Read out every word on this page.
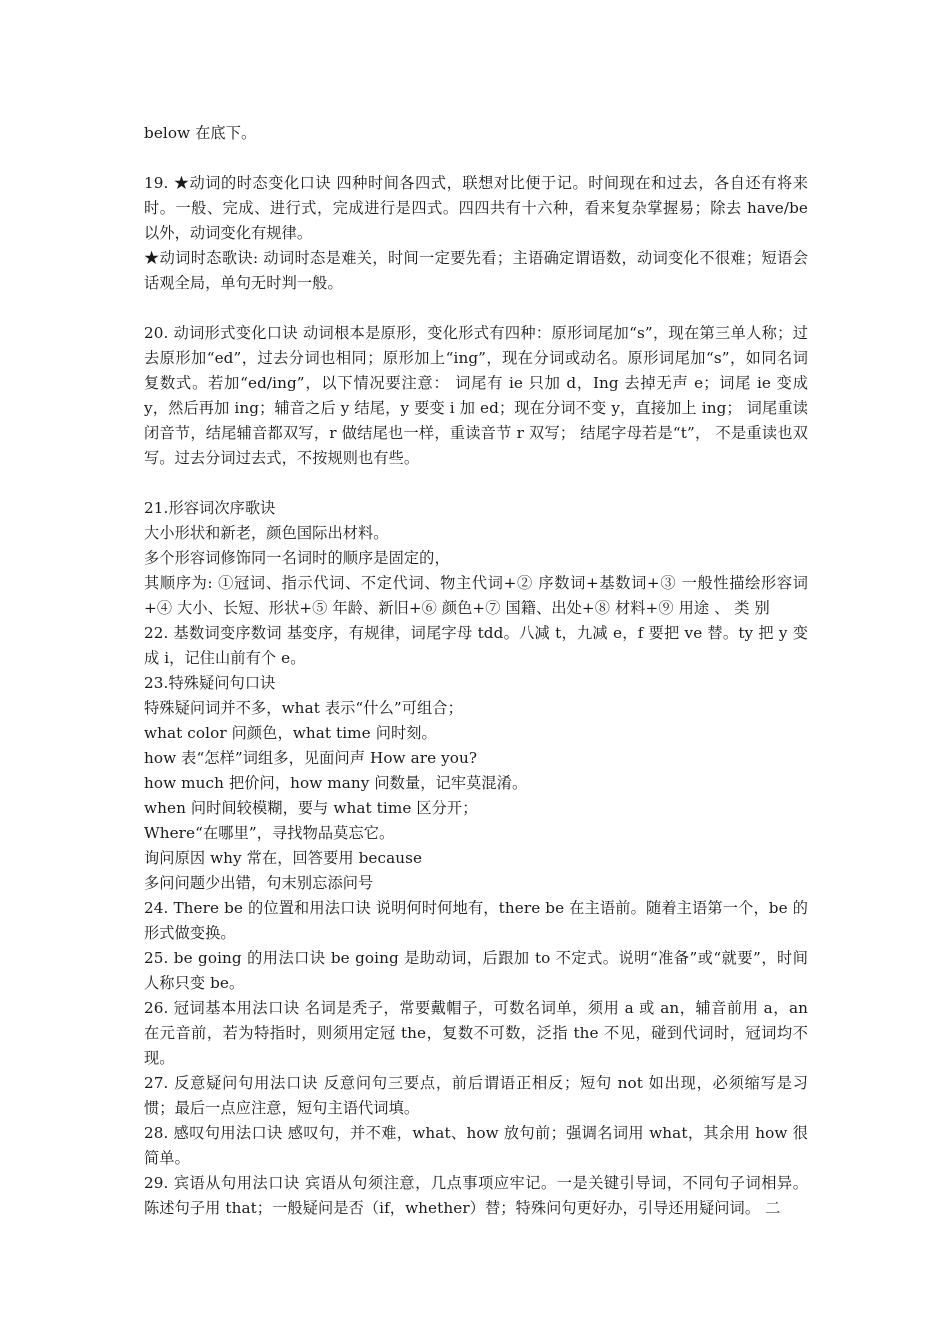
below 在底下。

19. ★动词的时态变化口诀 四种时间各四式，联想对比便于记。时间现在和过去，各自还有将来时。一般、完成、进行式，完成进行是四式。四四共有十六种，看来复杂掌握易；除去 have/be 以外，动词变化有规律。

★动词时态歌诀: 动词时态是难关，时间一定要先看；主语确定谓语数，动词变化不很难；短语会话观全局，单句无时判一般。

20. 动词形式变化口诀 动词根本是原形，变化形式有四种：原形词尾加“s”，现在第三单人称；过去原形加“ed”，过去分词也相同；原形加上“ing”，现在分词或动名。原形词尾加“s”，如同名词复数式。若加“ed/ing”，以下情况要注意： 词尾有 ie 只加 d，Ing 去掉无声 e；词尾 ie 变成 y，然后再加 ing；辅音之后 y 结尾，y 要变 i 加 ed；现在分词不变 y，直接加上 ing； 词尾重读闭音节，结尾辅音都双写，r 做结尾也一样，重读音节 r 双写； 结尾字母若是“t”， 不是重读也双写。过去分词过去式，不按规则也有些。

21.形容词次序歌诀

大小形状和新老，颜色国际出材料。

多个形容词修饰同一名词时的顺序是固定的，

其顺序为: ①冠词、指示代词、不定代词、物主代词+② 序数词+基数词+③ 一般性描绘形容词+④ 大小、长短、形状+⑤ 年龄、新旧+⑥ 颜色+⑦ 国籍、出处+⑧ 材料+⑨ 用途 、 类 别

22. 基数词变序数词 基变序，有规律，词尾字母 tdd。八减 t，九减 e，f 要把 ve 替。ty 把 y 变成 i，记住山前有个 e。

23.特殊疑问句口诀

特殊疑问词并不多，what 表示“什么”可组合；

what color 问颜色，what time 问时刻。

how 表“怎样”词组多，见面问声 How are you?

how much 把价问，how many 问数量，记牢莫混淆。

when 问时间较模糊，要与 what time 区分开；

Where“在哪里”，寻找物品莫忘它。

询问原因 why 常在，回答要用 because

多问问题少出错，句末别忘添问号

24. There be 的位置和用法口诀 说明何时何地有，there be 在主语前。随着主语第一个，be 的形式做变换。

25. be going 的用法口诀 be going 是助动词，后跟加 to 不定式。说明“准备”或“就要”，时间人称只变 be。

26. 冠词基本用法口诀 名词是秃子，常要戴帽子，可数名词单，须用 a 或 an，辅音前用 a，an 在元音前，若为特指时，则须用定冠 the，复数不可数，泛指 the 不见，碰到代词时，冠词均不现。

27. 反意疑问句用法口诀 反意问句三要点，前后谓语正相反；短句 not 如出现，必须缩写是习惯；最后一点应注意，短句主语代词填。

28. 感叹句用法口诀 感叹句，并不难，what、how 放句前；强调名词用 what，其余用 how 很简单。

29. 宾语从句用法口诀 宾语从句须注意，几点事项应牢记。一是关键引导词，不同句子词相异。 陈述句子用 that；一般疑问是否（if，whether）替；特殊问句更好办，引导还用疑问词。 二
